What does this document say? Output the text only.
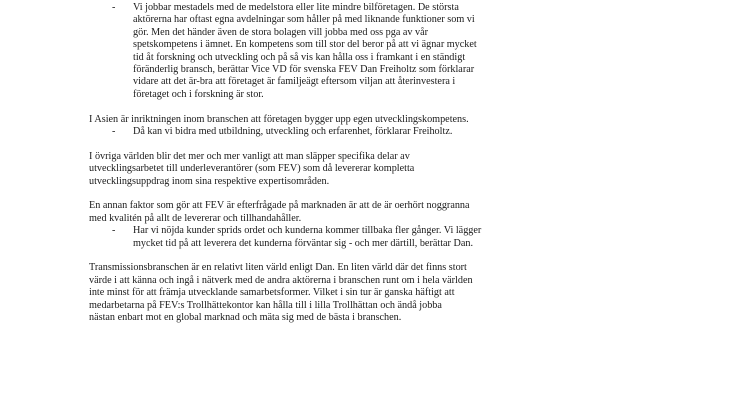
- Vi jobbar mestadels med de medelstora eller lite mindre bilföretagen. De största
aktörerna har oftast egna avdelningar som håller på med liknande funktioner som vi
gör. Men det händer även de stora bolagen vill jobba med oss pga av vår
spetskompetens i ämnet. En kompetens som till stor del beror på att vi ägnar mycket
tid åt forskning och utveckling och på så vis kan hålla oss i framkant i en ständigt
föränderlig bransch, berättar Vice VD för svenska FEV Dan Freiholtz som förklarar
vidare att det är-bra att företaget är familjeägt eftersom viljan att återinvestera i
företaget och i forskning är stor.
I Asien är inriktningen inom branschen att företagen bygger upp egen utvecklingskompetens.
- Då kan vi bidra med utbildning, utveckling och erfarenhet, förklarar Freiholtz.
I övriga världen blir det mer och mer vanligt att man släpper specifika delar av
utvecklingsarbetet till underleverantörer (som FEV) som då levererar kompletta
utvecklingsuppdrag inom sina respektive expertisområden.
En annan faktor som gör att FEV är efterfrågade på marknaden är att de är oerhört noggranna
med kvalitén på allt de levererar och tillhandahåller.
- Har vi nöjda kunder sprids ordet och kunderna kommer tillbaka fler gånger. Vi lägger
mycket tid på att leverera det kunderna förväntar sig - och mer därtill, berättar Dan.
Transmissionsbranschen är en relativt liten värld enligt Dan. En liten värld där det finns stort
värde i att känna och ingå i nätverk med de andra aktörerna i branschen runt om i hela världen
inte minst för att främja utvecklande samarbetsformer. Vilket i sin tur är ganska häftigt att
medarbetarna på FEV:s Trollhättekontor kan hålla till i lilla Trollhättan och ändå jobba
nästan enbart mot en global marknad och mäta sig med de bästa i branschen.
